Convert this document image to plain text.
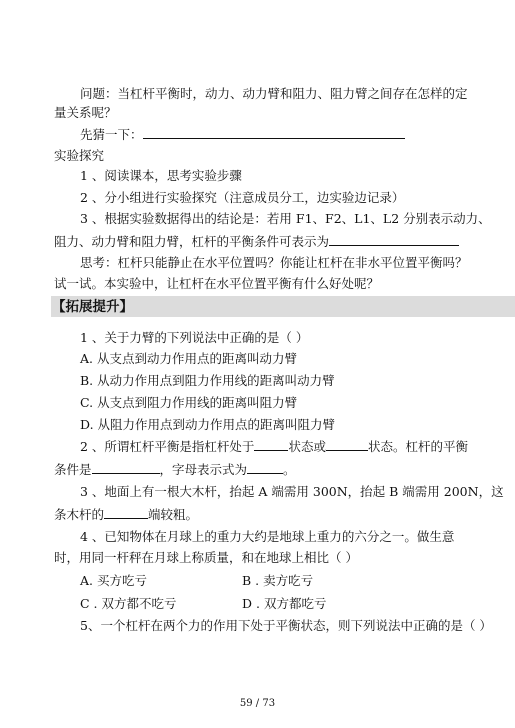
问题：当杠杆平衡时，动力、动力臂和阻力、阻力臂之间存在怎样的定
量关系呢？
先猜一下：
实验探究
1 、阅读课本，思考实验步骤
2 、分小组进行实验探究（注意成员分工，边实验边记录）
3 、根据实验数据得出的结论是：若用 F1、F2、L1、L2 分别表示动力、
阻力、动力臂和阻力臂，杠杆的平衡条件可表示为
思考：杠杆只能静止在水平位置吗？你能让杠杆在非水平位置平衡吗？
试一试。本实验中，让杠杆在水平位置平衡有什么好处呢？
【拓展提升】
1 、关于力臂的下列说法中正确的是（ ）
A. 从支点到动力作用点的距离叫动力臂
B. 从动力作用点到阻力作用线的距离叫动力臂
C. 从支点到阻力作用线的距离叫阻力臂
D. 从阻力作用点到动力作用点的距离叫阻力臂
2 、所谓杠杆平衡是指杠杆处于	状态或	状态。杠杆的平衡
条件是	，字母表示式为	。
3 、地面上有一根大木杆，抬起 A 端需用 300N，抬起 B 端需用 200N，这
条木杆的	端较粗。
4 、已知物体在月球上的重力大约是地球上重力的六分之一。做生意
时，用同一杆秤在月球上称质量，和在地球上相比（ ）
A. 买方吃亏	B . 卖方吃亏
C . 双方都不吃亏	D . 双方都吃亏
5、一个杠杆在两个力的作用下处于平衡状态，则下列说法中正确的是（ ）
59 / 73
